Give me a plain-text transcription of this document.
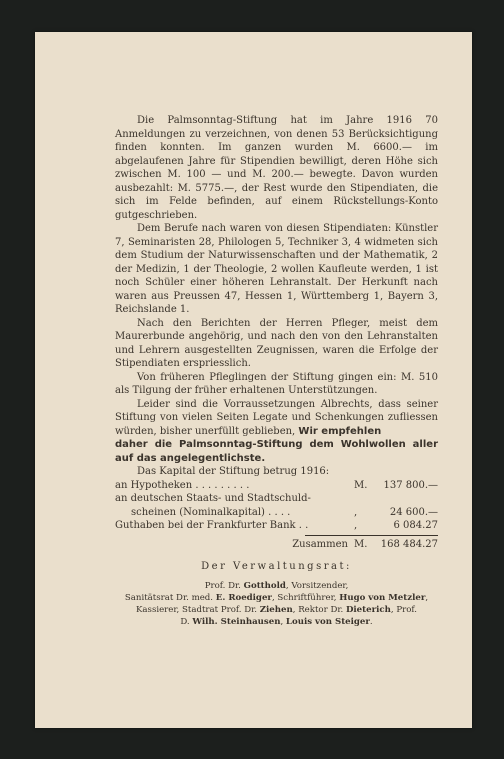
Die Palmsonntag-Stiftung hat im Jahre 1916 70 Anmeldungen zu verzeichnen, von denen 53 Berücksichtigung finden konnten. Im ganzen wurden M. 6600.— im abgelaufenen Jahre für Stipendien bewilligt, deren Höhe sich zwischen M. 100 — und M. 200.— bewegte. Davon wurden ausbezahlt: M. 5775.—, der Rest wurde den Stipendiaten, die sich im Felde befinden, auf einem Rückstellungs-Konto gutgeschrieben.

Dem Berufe nach waren von diesen Stipendiaten: Künstler 7, Seminaristen 28, Philologen 5, Techniker 3, 4 widmeten sich dem Studium der Naturwissenschaften und der Mathematik, 2 der Medizin, 1 der Theologie, 2 wollen Kaufleute werden, 1 ist noch Schüler einer höheren Lehranstalt. Der Herkunft nach waren aus Preussen 47, Hessen 1, Württemberg 1, Bayern 3, Reichslande 1.

Nach den Berichten der Herren Pfleger, meist dem Maurerbunde angehörig, und nach den von den Lehranstalten und Lehrern ausgestellten Zeugnissen, waren die Erfolge der Stipendiaten erspriesslich.

Von früheren Pfleglingen der Stiftung gingen ein: M. 510 als Tilgung der früher erhaltenen Unterstützungen.

Leider sind die Vorraussetzungen Albrechts, dass seiner Stiftung von vielen Seiten Legate und Schenkungen zufliessen würden, bisher unerfüllt geblieben, Wir empfehlen

daher die Palmsonntag-Stiftung dem Wohlwollen aller auf das angelegentlichste.

Das Kapital der Stiftung betrug 1916:

an Hypotheken . . . . . . . . .	M.	137 800.—
an deutschen Staats- und Stadtschuld-
scheinen (Nominalkapital) . . . .	,	24 600.—
Guthaben bei der Frankfurter Bank . .	,	6 084.27
Zusammen M.	168 484.27
Der Verwaltungsrat:
Prof. Dr. Gotthold, Vorsitzender,
Sanitätsrat Dr. med. E. Roediger, Schriftführer, Hugo von Metzler,
Kassierer, Stadtrat Prof. Dr. Ziehen, Rektor Dr. Dieterich, Prof.
D. Wilh. Steinhausen, Louis von Steiger.
